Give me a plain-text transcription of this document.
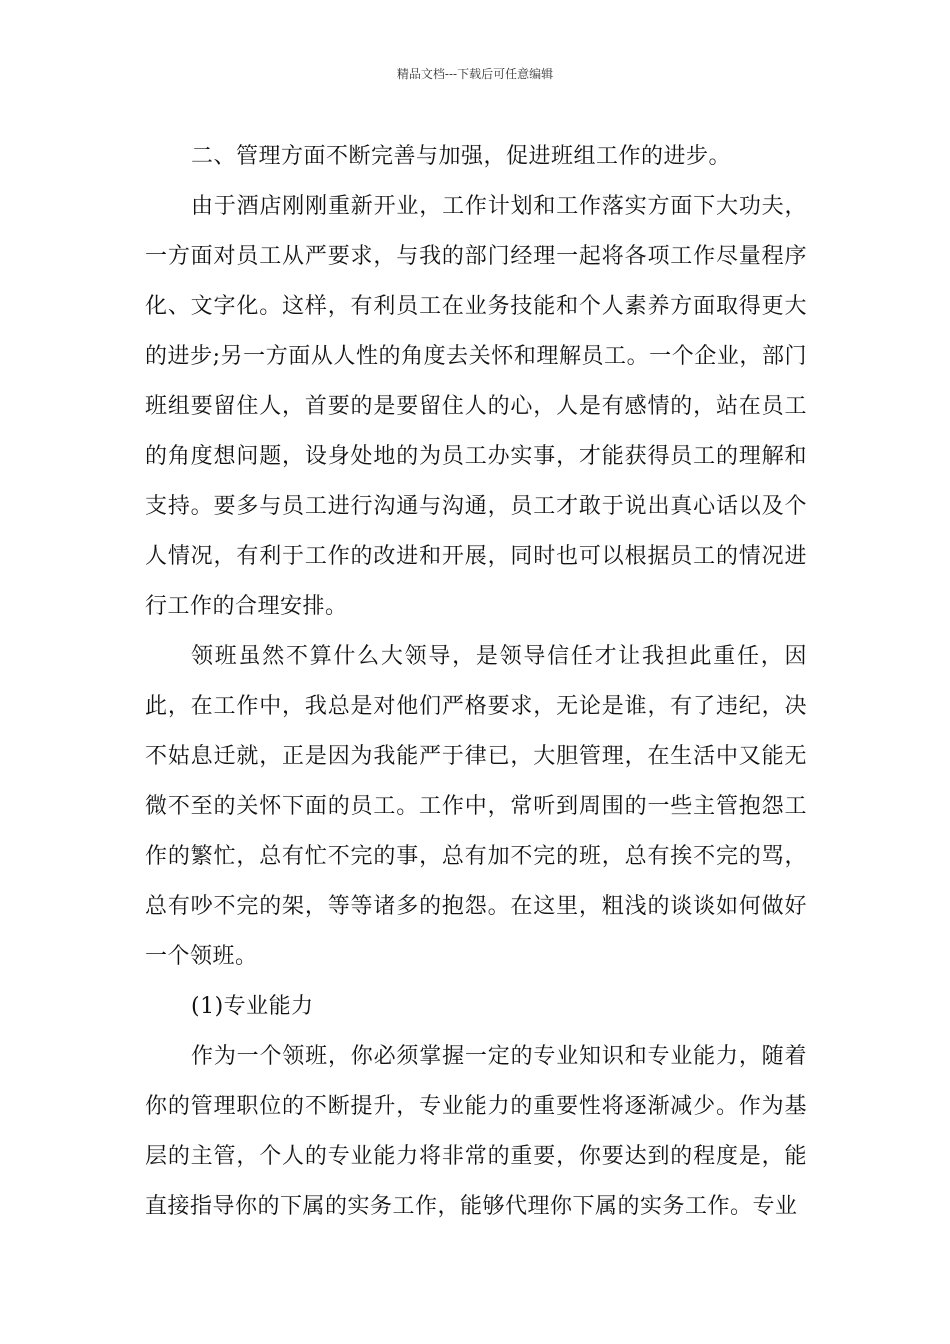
精品文档---下载后可任意编辑

二、管理方面不断完善与加强，促进班组工作的进步。

由于酒店刚刚重新开业，工作计划和工作落实方面下大功夫，一方面对员工从严要求，与我的部门经理一起将各项工作尽量程序化、文字化。这样，有利员工在业务技能和个人素养方面取得更大的进步;另一方面从人性的角度去关怀和理解员工。一个企业，部门班组要留住人，首要的是要留住人的心，人是有感情的，站在员工的角度想问题，设身处地的为员工办实事，才能获得员工的理解和支持。要多与员工进行沟通与沟通，员工才敢于说出真心话以及个人情况，有利于工作的改进和开展，同时也可以根据员工的情况进行工作的合理安排。

领班虽然不算什么大领导，是领导信任才让我担此重任，因此，在工作中，我总是对他们严格要求，无论是谁，有了违纪，决不姑息迁就，正是因为我能严于律已，大胆管理，在生活中又能无微不至的关怀下面的员工。工作中，常听到周围的一些主管抱怨工作的繁忙，总有忙不完的事，总有加不完的班，总有挨不完的骂，总有吵不完的架，等等诸多的抱怨。在这里，粗浅的谈谈如何做好一个领班。

(1)专业能力

作为一个领班，你必须掌握一定的专业知识和专业能力，随着你的管理职位的不断提升，专业能力的重要性将逐渐减少。作为基层的主管，个人的专业能力将非常的重要，你要达到的程度是，能直接指导你的下属的实务工作，能够代理你下属的实务工作。专业
